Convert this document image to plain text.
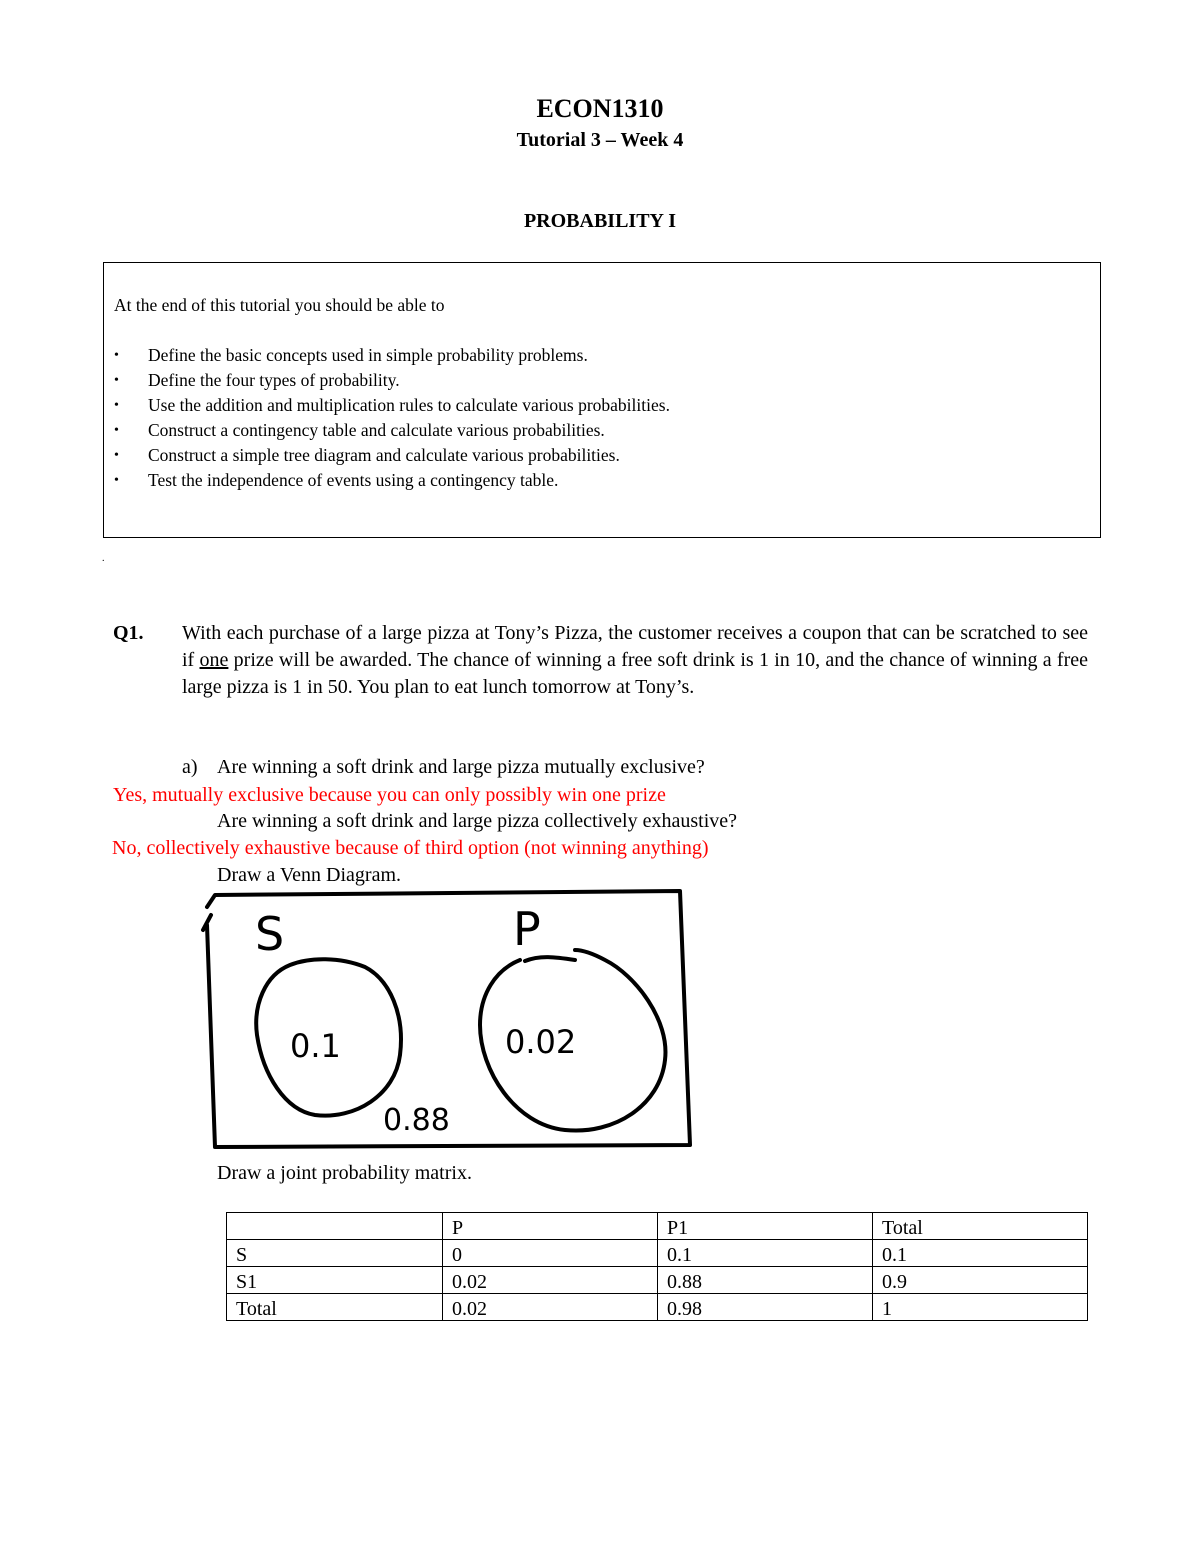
ECON1310
Tutorial 3 – Week 4
PROBABILITY I
At the end of this tutorial you should be able to
• Define the basic concepts used in simple probability problems.
• Define the four types of probability.
• Use the addition and multiplication rules to calculate various probabilities.
• Construct a contingency table and calculate various probabilities.
• Construct a simple tree diagram and calculate various probabilities.
• Test the independence of events using a contingency table.
.
Q1. With each purchase of a large pizza at Tony’s Pizza, the customer receives a coupon that can be scratched to see if one prize will be awarded. The chance of winning a free soft drink is 1 in 10, and the chance of winning a free large pizza is 1 in 50. You plan to eat lunch tomorrow at Tony’s.
a) Are winning a soft drink and large pizza mutually exclusive?
Yes, mutually exclusive because you can only possibly win one prize
Are winning a soft drink and large pizza collectively exhaustive?
No, collectively exhaustive because of third option (not winning anything)
Draw a Venn Diagram.
S	P
0.1	0.02
0.88
Draw a joint probability matrix.
	P	P1	Total
S	0	0.1	0.1
S1	0.02	0.88	0.9
Total	0.02	0.98	1
